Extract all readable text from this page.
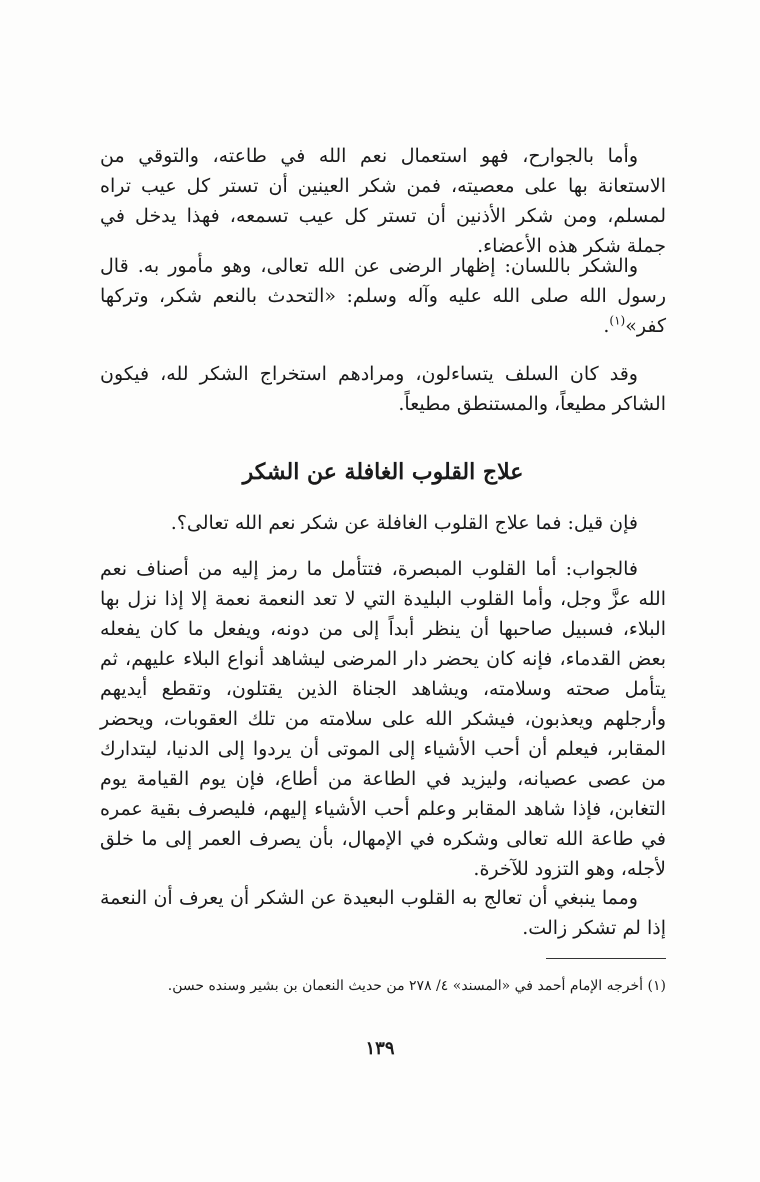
وأما بالجوارح، فهو استعمال نعم الله في طاعته، والتوقي من الاستعانة بها على معصيته، فمن شكر العينين أن تستر كل عيب تراه لمسلم، ومن شكر الأذنين أن تستر كل عيب تسمعه، فهذا يدخل في جملة شكر هذه الأعضاء.
والشكر باللسان: إظهار الرضى عن الله تعالى، وهو مأمور به. قال رسول الله صلى الله عليه وآله وسلم: «التحدث بالنعم شكر، وتركها كفر»$^{(١)}$.
وقد كان السلف يتساءلون، ومرادهم استخراج الشكر لله، فيكون الشاكر مطيعاً، والمستنطق مطيعاً.
علاج القلوب الغافلة عن الشكر
فإن قيل: فما علاج القلوب الغافلة عن شكر نعم الله تعالى؟.
فالجواب: أما القلوب المبصرة، فتتأمل ما رمز إليه من أصناف نعم الله عزَّ وجل، وأما القلوب البليدة التي لا تعد النعمة نعمة إلا إذا نزل بها البلاء، فسبيل صاحبها أن ينظر أبداً إلى من دونه، ويفعل ما كان يفعله بعض القدماء، فإنه كان يحضر دار المرضى ليشاهد أنواع البلاء عليهم، ثم يتأمل صحته وسلامته، ويشاهد الجناة الذين يقتلون، وتقطع أيديهم وأرجلهم ويعذبون، فيشكر الله على سلامته من تلك العقوبات، ويحضر المقابر، فيعلم أن أحب الأشياء إلى الموتى أن يردوا إلى الدنيا، ليتدارك من عصى عصيانه، وليزيد في الطاعة من أطاع، فإن يوم القيامة يوم التغابن، فإذا شاهد المقابر وعلم أحب الأشياء إليهم، فليصرف بقية عمره في طاعة الله تعالى وشكره في الإمهال، بأن يصرف العمر إلى ما خلق لأجله، وهو التزود للآخرة.
ومما ينبغي أن تعالج به القلوب البعيدة عن الشكر أن يعرف أن النعمة إذا لم تشكر زالت.
(١) أخرجه الإمام أحمد في «المسند» ٤/ ٢٧٨ من حديث النعمان بن بشير وسنده حسن.
١٣٩
